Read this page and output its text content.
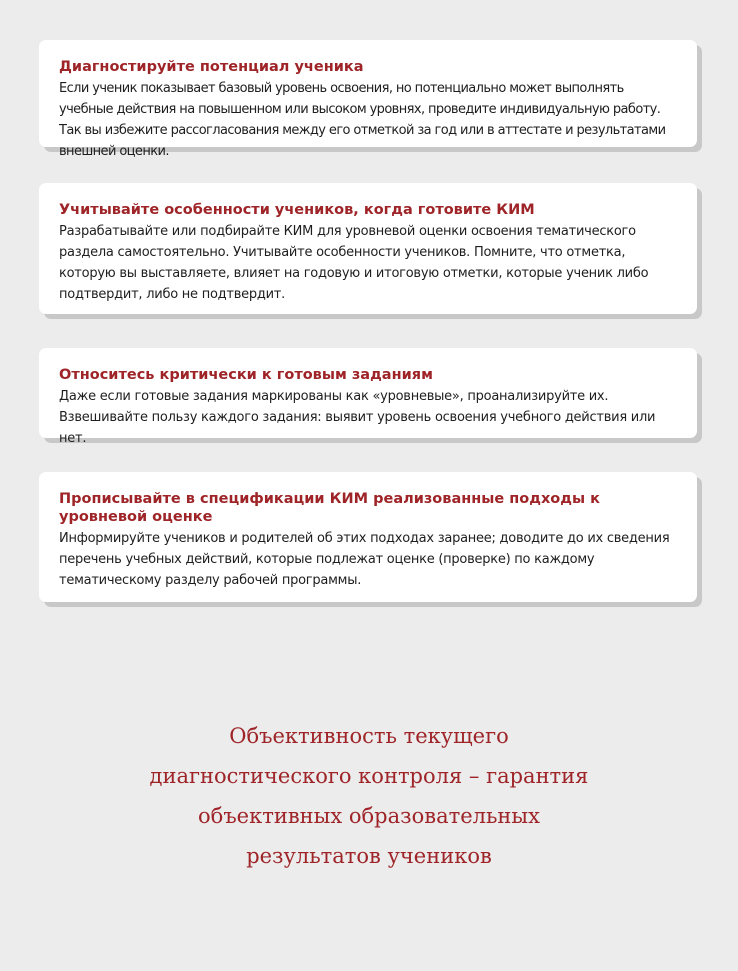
Диагностируйте потенциал ученика

Если ученик показывает базовый уровень освоения, но потенциально может выполнять учебные действия на повышенном или высоком уровнях, проведите индивидуальную работу. Так вы избежите рассогласования между его отметкой за год или в аттестате и результатами внешней оценки.

Учитывайте особенности учеников, когда готовите КИМ

Разрабатывайте или подбирайте КИМ для уровневой оценки освоения тематического раздела самостоятельно. Учитывайте особенности учеников. Помните, что отметка, которую вы выставляете, влияет на годовую и итоговую отметки, которые ученик либо подтвердит, либо не подтвердит.

Относитесь критически к готовым заданиям

Даже если готовые задания маркированы как «уровневые», проанализируйте их. Взвешивайте пользу каждого задания: выявит уровень освоения учебного действия или нет.

Прописывайте в спецификации КИМ реализованные подходы к уровневой оценке

Информируйте учеников и родителей об этих подходах заранее; доводите до их сведения перечень учебных действий, которые подлежат оценке (проверке) по каждому тематическому разделу рабочей программы.

Объективность текущего
диагностического контроля – гарантия
объективных образовательных
результатов учеников
